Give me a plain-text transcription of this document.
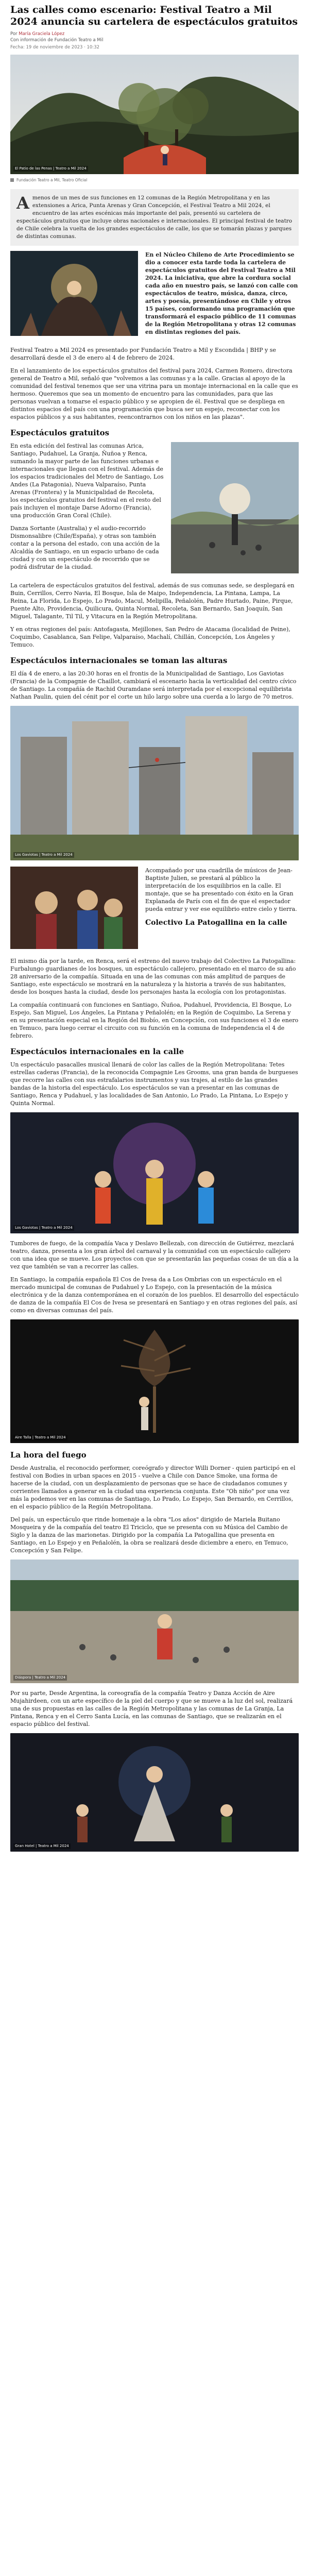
Las calles como escenario: Festival Teatro a Mil 2024 anuncia su cartelera de espectáculos gratuitos
Por María Graciela López
Con información de Fundación Teatro a Mil
Fecha: 19 de noviembre de 2023 · 10:32
El Patio de las Penas | Teatro a Mil 2024
Fundación Teatro a Mil, Teatro Oficial
A menos de un mes de sus funciones en 12 comunas de la Región Metropolitana y en las extensiones a Arica, Punta Arenas y Gran Concepción, el Festival Teatro a Mil 2024, el encuentro de las artes escénicas más importante del país, presentó su cartelera de espectáculos gratuitos que incluye obras nacionales e internacionales. El principal festival de teatro de Chile celebra la vuelta de los grandes espectáculos de calle, los que se tomarán plazas y parques de distintas comunas.

En el Núcleo Chileno de Arte Procedimiento se dio a conocer esta tarde toda la cartelera de espectáculos gratuitos del Festival Teatro a Mil 2024. La iniciativa, que abre la cordura social cada año en nuestro país, se lanzó con calle con espectáculos de teatro, música, danza, circo, artes y poesía, presentándose en Chile y otros 15 países, conformando una programación que transformará el espacio público de 11 comunas de la Región Metropolitana y otras 12 comunas en distintas regiones del país.

Festival Teatro a Mil 2024 es presentado por Fundación Teatro a Mil y Escondida | BHP y se desarrollará desde el 3 de enero al 4 de febrero de 2024.

En el lanzamiento de los espectáculos gratuitos del festival para 2024, Carmen Romero, directora general de Teatro a Mil, señaló que "volvemos a las comunas y a la calle. Gracias al apoyo de la comunidad del festival tenemos que ser una vitrina para un montaje internacional en la calle que es hermoso. Queremos que sea un momento de encuentro para las comunidades, para que las personas vuelvan a tomarse el espacio público y se apropien de él. Festival que se despliega en distintos espacios del país con una programación que busca ser un espejo, reconectar con los espacios públicos y a sus habitantes, reencontrarnos con los niños en las plazas".

Espectáculos gratuitos

En esta edición del festival las comunas Arica, Santiago, Pudahuel, La Granja, Ñuñoa y Renca, sumando la mayor parte de las funciones urbanas e internacionales que llegan con el festival. Además de los espacios tradicionales del Metro de Santiago, Los Andes (La Patagonia), Nueva Valparaíso, Punta Arenas (Frontera) y la Municipalidad de Recoleta, los espectáculos gratuitos del festival en el resto del país incluyen el montaje Darse Adorno (Francia), una producción Gran Coral (Chile).

Danza Sortante (Australia) y el audio-recorrido Dismonsalibre (Chile/España), y otras son también contar a la persona del estado, con una acción de la Alcaldía de Santiago, en un espacio urbano de cada ciudad y con un espectáculo de recorrido que se podrá disfrutar de la ciudad.

La cartelera de espectáculos gratuitos del festival, además de sus comunas sede, se desplegará en Buin, Cerrillos, Cerro Navia, El Bosque, Isla de Maipo, Independencia, La Pintana, Lampa, La Reina, La Florida, Lo Espejo, Lo Prado, Macul, Melipilla, Peñalolén, Padre Hurtado, Paine, Pirque, Puente Alto, Providencia, Quilicura, Quinta Normal, Recoleta, San Bernardo, San Joaquín, San Miguel, Talagante, Til Til, y Vitacura en la Región Metropolitana.

Y en otras regiones del país: Antofagasta, Mejillones, San Pedro de Atacama (localidad de Peine), Coquimbo, Casablanca, San Felipe, Valparaíso, Machalí, Chillán, Concepción, Los Ángeles y Temuco.

Espectáculos internacionales se toman las alturas

El día 4 de enero, a las 20:30 horas en el frontis de la Municipalidad de Santiago, Los Gaviotas (Francia) de la Compagnie de Chaillot, cambiará el escenario hacia la verticalidad del centro cívico de Santiago. La compañía de Rachid Ouramdane será interpretada por el excepcional equilibrista Nathan Paulin, quien del cénit por el corte un hilo largo sobre una cuerda a lo largo de 70 metros.

Los Gaviotas | Teatro a Mil 2024

Acompañado por una cuadrilla de músicos de Jean-Baptiste Julien, se prestará al público la interpretación de los esquilibrios en la calle. El montaje, que se ha presentado con éxito en la Gran Explanada de París con el fin de que el espectador pueda entrar y ver ese equilibrio entre cielo y tierra.

Colectivo La Patogallina en la calle

El mismo día por la tarde, en Renca, será el estreno del nuevo trabajo del Colectivo La Patogallina: Furbalungo guardianes de los bosques, un espectáculo callejero, presentado en el marco de su año 28 aniversario de la compañía. Situada en una de las comunas con más amplitud de parques de Santiago, este espectáculo se mostrará en la naturaleza y la historia a través de sus habitantes, desde los bosques hasta la ciudad, desde los personajes hasta la ecología con los protagonistas.

La compañía continuará con funciones en Santiago, Ñuñoa, Pudahuel, Providencia, El Bosque, Lo Espejo, San Miguel, Los Ángeles, La Pintana y Peñalolén; en la Región de Coquimbo, La Serena y en su presentación especial en la Región del Biobío, en Concepción, con sus funciones el 3 de enero en Temuco, para luego cerrar el circuito con su función en la comuna de Independencia el 4 de febrero.

Espectáculos internacionales en la calle

Un espectáculo pasacalles musical llenará de color las calles de la Región Metropolitana: Tetes estrellas caderas (Francia), de la reconocida Compagnie Les Grooms, una gran banda de burgueses que recorre las calles con sus estrafalarios instrumentos y sus trajes, al estilo de las grandes bandas de la historia del espectáculo. Los espectáculos se van a presentar en las comunas de Santiago, Renca y Pudahuel, y las localidades de San Antonio, Lo Prado, La Pintana, Lo Espejo y Quinta Normal.

Los Gaviotas | Teatro a Mil 2024

Tumbores de fuego, de la compañía Vaca y Deslavo Bellezab, con dirección de Gutiérrez, mezclará teatro, danza, presenta a los gran árbol del carnaval y la comunidad con un espectáculo callejero con una idea que se mueve. Los proyectos con que se presentarán las pequeñas cosas de un día a la vez que también se van a recorrer las calles.

En Santiago, la compañía española El Cos de Ivesa da a Los Ombrias con un espectáculo en el mercado municipal de comunas de Pudahuel y Lo Espejo, con la presentación de la música electrónica y de la danza contemporánea en el corazón de los pueblos. El desarrollo del espectáculo de danza de la compañía El Cos de Ivesa se presentará en Santiago y en otras regiones del país, así como en diversas comunas del país.

Aire Talla | Teatro a Mil 2024
La hora del fuego

Desde Australia, el reconocido performer, coreógrafo y director Willi Dorner - quien participó en el festival con Bodies in urban spaces en 2015 - vuelve a Chile con Dance Smoke, una forma de hacerse de la ciudad, con un desplazamiento de personas que se hace de ciudadanos comunes y corrientes llamados a generar en la ciudad una experiencia conjunta. Este "Oh niño" por una vez más la podemos ver en las comunas de Santiago, Lo Prado, Lo Espejo, San Bernardo, en Cerrillos, en el espacio público de la Región Metropolitana.

Del país, un espectáculo que rinde homenaje a la obra "Los años" dirigido de Mariela Buitano Mosqueira y de la compañía del teatro El Triciclo, que se presenta con su Música del Cambio de Siglo y la danza de las marionetas. Dirigido por la compañía La Patogallina que presenta en Santiago, en Lo Espejo y en Peñalolén, la obra se realizará desde diciembre a enero, en Temuco, Concepción y San Felipe.

Diáspora | Teatro a Mil 2024

Por su parte, Desde Argentina, la coreografía de la compañía Teatro y Danza Acción de Aire Mujahirdeen, con un arte específico de la piel del cuerpo y que se mueve a la luz del sol, realizará una de sus propuestas en las calles de la Región Metropolitana y las comunas de La Granja, La Pintana, Renca y en el Cerro Santa Lucía, en las comunas de Santiago, que se realizarán en el espacio público del festival.

Gran Hotel | Teatro a Mil 2024
